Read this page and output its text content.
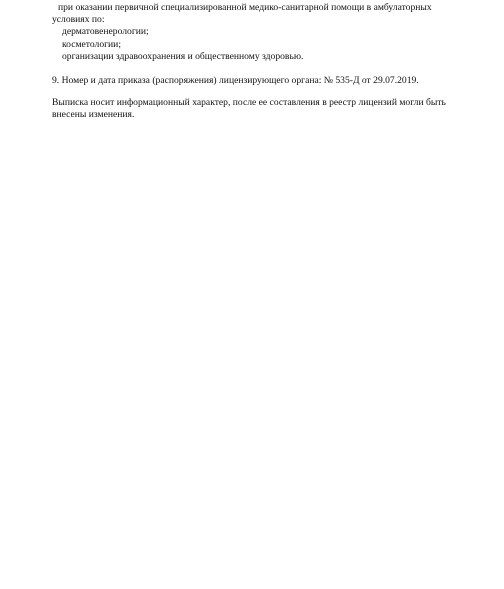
при оказании первичной специализированной медико-санитарной помощи в амбулаторных
условиях по:
дерматовенерологии;
косметологии;
организации здравоохранения и общественному здоровью.
9. Номер и дата приказа (распоряжения) лицензирующего органа: № 535-Д от 29.07.2019.
Выписка носит информационный характер, после ее составления в реестр лицензий могли быть
внесены изменения.
